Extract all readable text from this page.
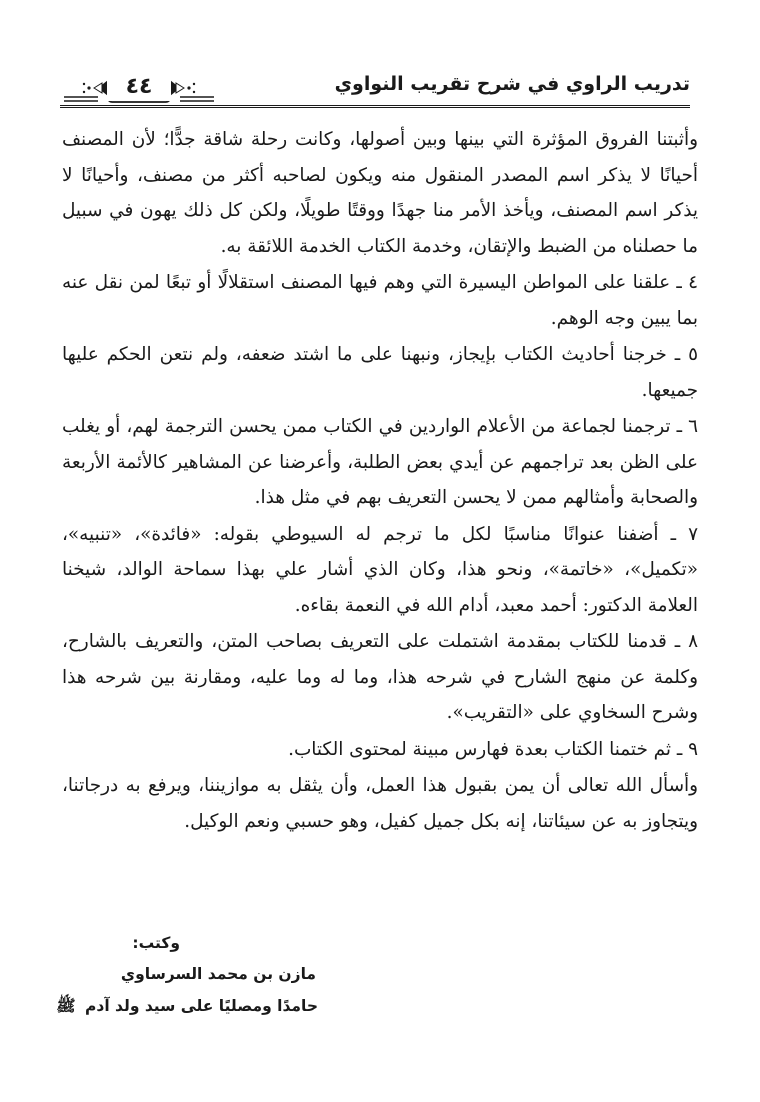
تدريب الراوي في شرح تقريب النواوي
٤٤

وأثبتنا الفروق المؤثرة التي بينها وبين أصولها، وكانت رحلة شاقة جدًّا؛ لأن المصنف أحيانًا لا يذكر اسم المصدر المنقول منه ويكون لصاحبه أكثر من مصنف، وأحيانًا لا يذكر اسم المصنف، ويأخذ الأمر منا جهدًا ووقتًا طويلًا، ولكن كل ذلك يهون في سبيل ما حصلناه من الضبط والإتقان، وخدمة الكتاب الخدمة اللائقة به.

٤ ـ علقنا على المواطن اليسيرة التي وهم فيها المصنف استقلالًا أو تبعًا لمن نقل عنه بما يبين وجه الوهم.

٥ ـ خرجنا أحاديث الكتاب بإيجاز، ونبهنا على ما اشتد ضعفه، ولم نتعن الحكم عليها جميعها.

٦ ـ ترجمنا لجماعة من الأعلام الواردين في الكتاب ممن يحسن الترجمة لهم، أو يغلب على الظن بعد تراجمهم عن أيدي بعض الطلبة، وأعرضنا عن المشاهير كالأئمة الأربعة والصحابة وأمثالهم ممن لا يحسن التعريف بهم في مثل هذا.

٧ ـ أضفنا عنوانًا مناسبًا لكل ما ترجم له السيوطي بقوله: «فائدة»، «تنبيه»، «تكميل»، «خاتمة»، ونحو هذا، وكان الذي أشار علي بهذا سماحة الوالد، شيخنا العلامة الدكتور: أحمد معبد، أدام الله في النعمة بقاءه.

٨ ـ قدمنا للكتاب بمقدمة اشتملت على التعريف بصاحب المتن، والتعريف بالشارح، وكلمة عن منهج الشارح في شرحه هذا، وما له وما عليه، ومقارنة بين شرحه هذا وشرح السخاوي على «التقريب».

٩ ـ ثم ختمنا الكتاب بعدة فهارس مبينة لمحتوى الكتاب.

وأسأل الله تعالى أن يمن بقبول هذا العمل، وأن يثقل به موازيننا، ويرفع به درجاتنا، ويتجاوز به عن سيئاتنا، إنه بكل جميل كفيل، وهو حسبي ونعم الوكيل.

وكتب:
مازن بن محمد السرساوي
حامدًا ومصليًا على سيد ولد آدم ﷺ
